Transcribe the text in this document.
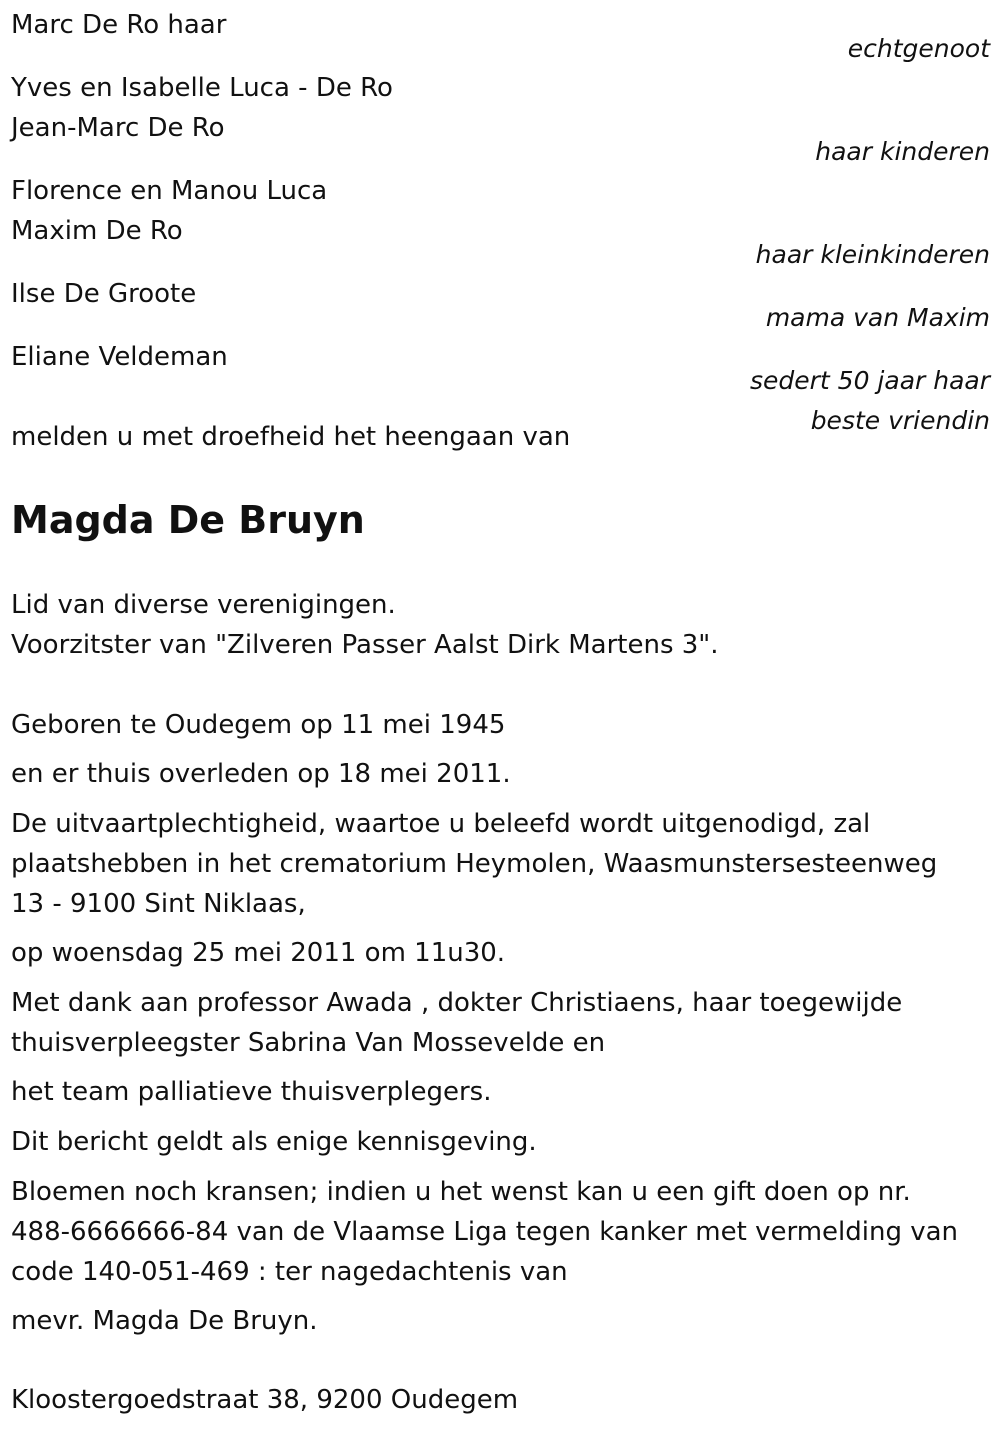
Marc De Ro haar
echtgenoot
Yves en Isabelle Luca - De Ro
Jean-Marc De Ro
haar kinderen
Florence en Manou Luca
Maxim De Ro
haar kleinkinderen
Ilse De Groote
mama van Maxim
Eliane Veldeman
sedert 50 jaar haar
beste vriendin
melden u met droefheid het heengaan van
Magda De Bruyn
Lid van diverse verenigingen.
Voorzitster van "Zilveren Passer Aalst Dirk Martens 3".
Geboren te Oudegem op 11 mei 1945
en er thuis overleden op 18 mei 2011.
De uitvaartplechtigheid, waartoe u beleefd wordt uitgenodigd, zal
plaatshebben in het crematorium Heymolen, Waasmunstersesteenweg
13 - 9100 Sint Niklaas,
op woensdag 25 mei 2011 om 11u30.
Met dank aan professor Awada , dokter Christiaens, haar toegewijde
thuisverpleegster Sabrina Van Mossevelde en
het team palliatieve thuisverplegers.
Dit bericht geldt als enige kennisgeving.
Bloemen noch kransen; indien u het wenst kan u een gift doen op nr.
488-6666666-84 van de Vlaamse Liga tegen kanker met vermelding van
code 140-051-469 : ter nagedachtenis van
mevr. Magda De Bruyn.
Kloostergoedstraat 38, 9200 Oudegem
